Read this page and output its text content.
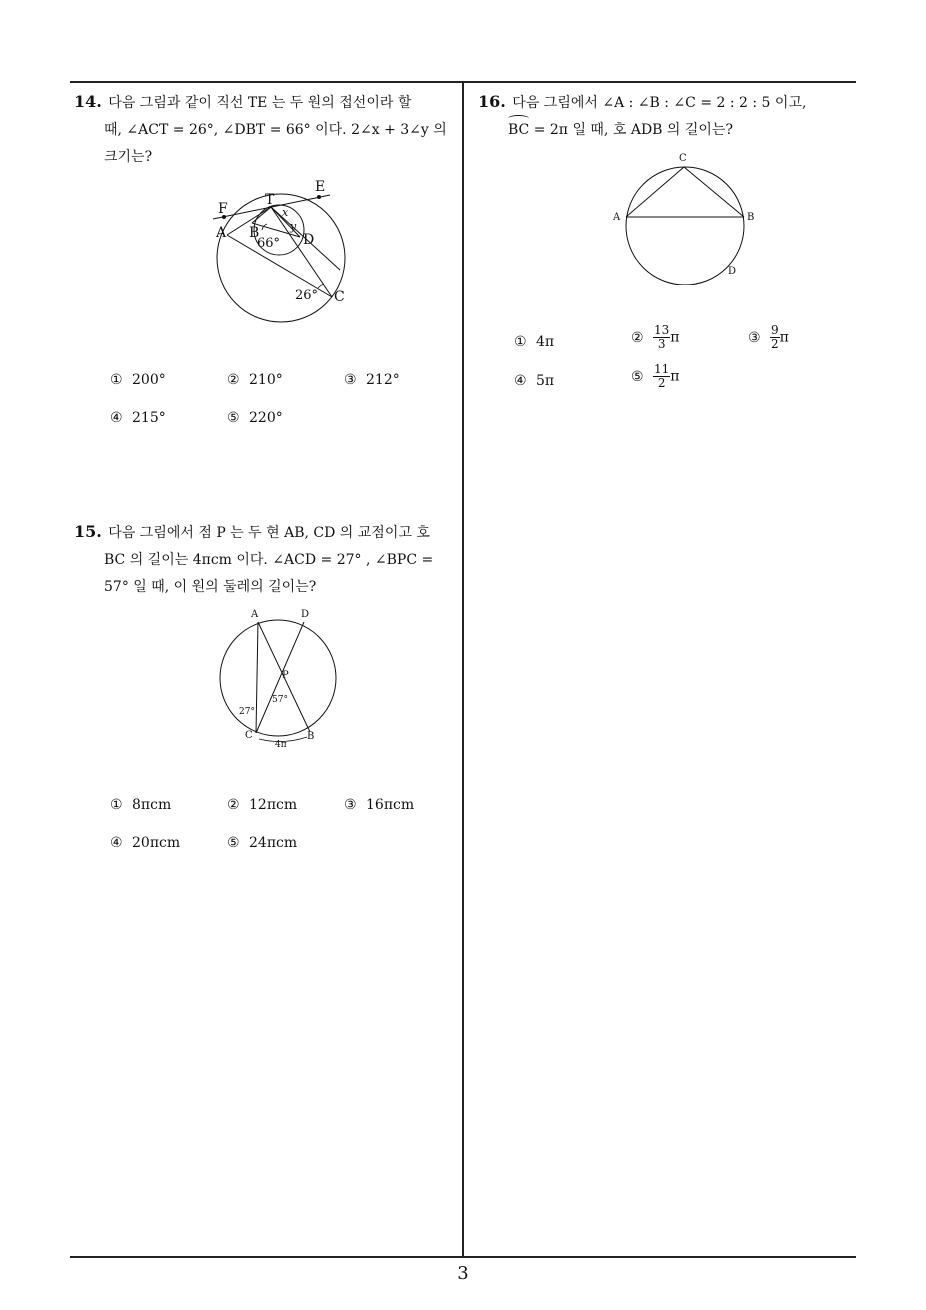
14. 다음 그림과 같이 직선 TE 는 두 원의 접선이라 할
때, ∠ACT = 26°, ∠DBT = 66° 이다. 2∠x + 3∠y 의
크기는?
F
T
E
A B	D
C
x
y
66°
26°
① 200°	② 210°	③ 212°
④ 215°	⑤ 220°
15. 다음 그림에서 점 P 는 두 현 AB, CD 의 교점이고 호
BC 의 길이는 4πcm 이다. ∠ACD = 27° , ∠BPC =
57° 일 때, 이 원의 둘레의 길이는?
A	D
P
C	B
27°
57°
4π
① 8πcm	② 12πcm	③ 16πcm
④ 20πcm	⑤ 24πcm
16. 다음 그림에서 ∠A : ∠B : ∠C = 2 : 2 : 5 이고,
BC = 2π 일 때, 호 ADB 의 길이는?
C
A	B
D
① 4π	② $\frac{13}{3}$ π	③ $\frac{9}{2}$ π
④ 5π	⑤ $\frac{11}{2}$ π
3
